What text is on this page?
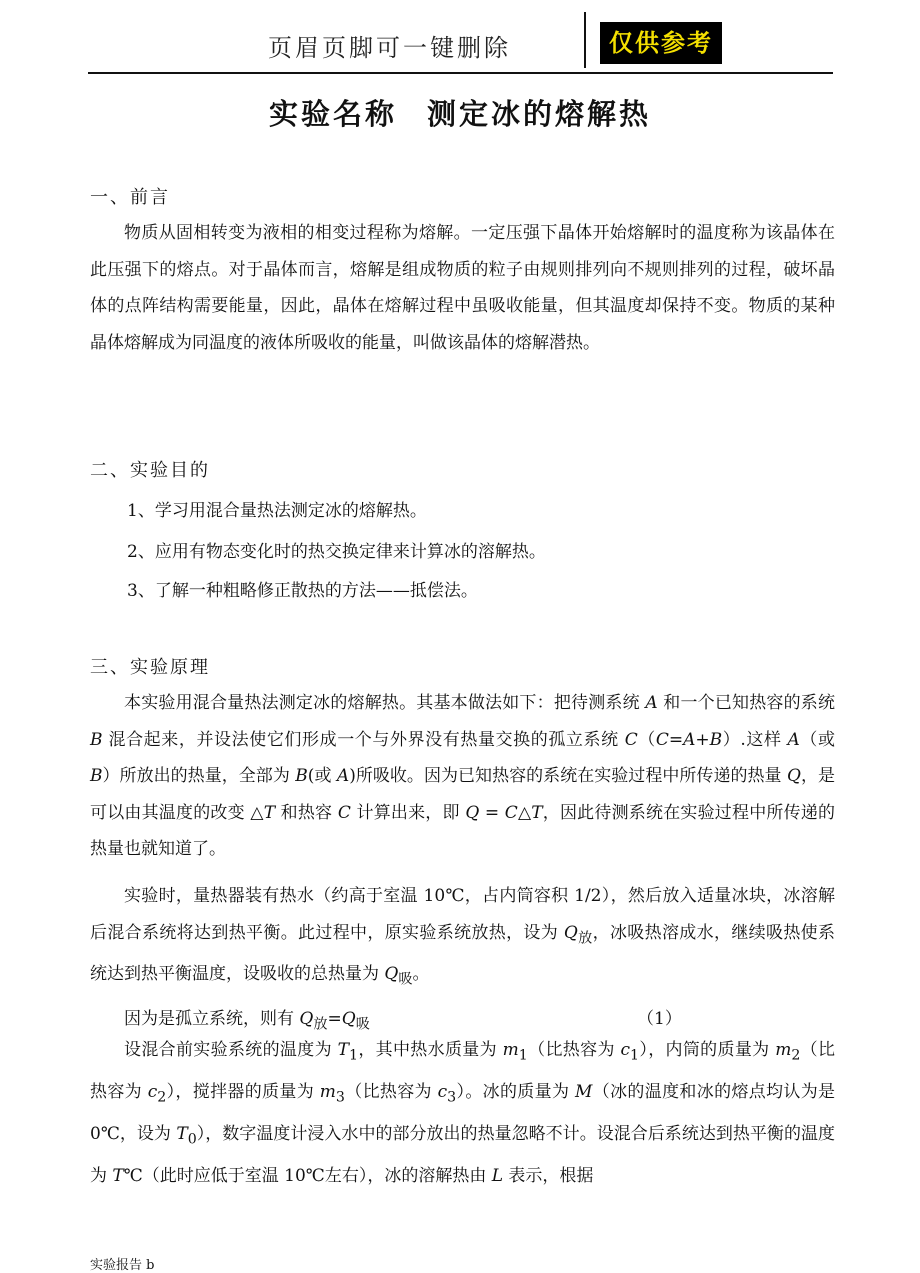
页眉页脚可一键删除	仅供参考
实验名称 测定冰的熔解热
一、前言

物质从固相转变为液相的相变过程称为熔解。一定压强下晶体开始熔解时的温度称为该晶体在此压强下的熔点。对于晶体而言，熔解是组成物质的粒子由规则排列向不规则排列的过程，破坏晶体的点阵结构需要能量，因此，晶体在熔解过程中虽吸收能量，但其温度却保持不变。物质的某种晶体熔解成为同温度的液体所吸收的能量，叫做该晶体的熔解潜热。

二、实验目的
1、学习用混合量热法测定冰的熔解热。
2、应用有物态变化时的热交换定律来计算冰的溶解热。
3、了解一种粗略修正散热的方法——抵偿法。
三、实验原理

本实验用混合量热法测定冰的熔解热。其基本做法如下：把待测系统 A 和一个已知热容的系统 B 混合起来，并设法使它们形成一个与外界没有热量交换的孤立系统 C（C=A+B）.这样 A（或 B）所放出的热量，全部为 B(或 A)所吸收。因为已知热容的系统在实验过程中所传递的热量 Q，是可以由其温度的改变 △T 和热容 C 计算出来，即 Q = C△T，因此待测系统在实验过程中所传递的热量也就知道了。

实验时，量热器装有热水（约高于室温 10℃，占内筒容积 1/2），然后放入适量冰块，冰溶解后混合系统将达到热平衡。此过程中，原实验系统放热，设为 $Q_放$，冰吸热溶成水，继续吸热使系统达到热平衡温度，设吸收的总热量为 $Q_吸$。

因为是孤立系统，则有 $Q_放=Q_吸$	（1）

设混合前实验系统的温度为 $T_1$，其中热水质量为 $m_1$（比热容为 $c_1$），内筒的质量为 $m_2$（比热容为 $c_2$），搅拌器的质量为 $m_3$（比热容为 $c_3$）。冰的质量为 M（冰的温度和冰的熔点均认为是 0℃，设为 $T_0$），数字温度计浸入水中的部分放出的热量忽略不计。设混合后系统达到热平衡的温度为 T℃（此时应低于室温 10℃左右），冰的溶解热由 L 表示，根据

实验报告 b
